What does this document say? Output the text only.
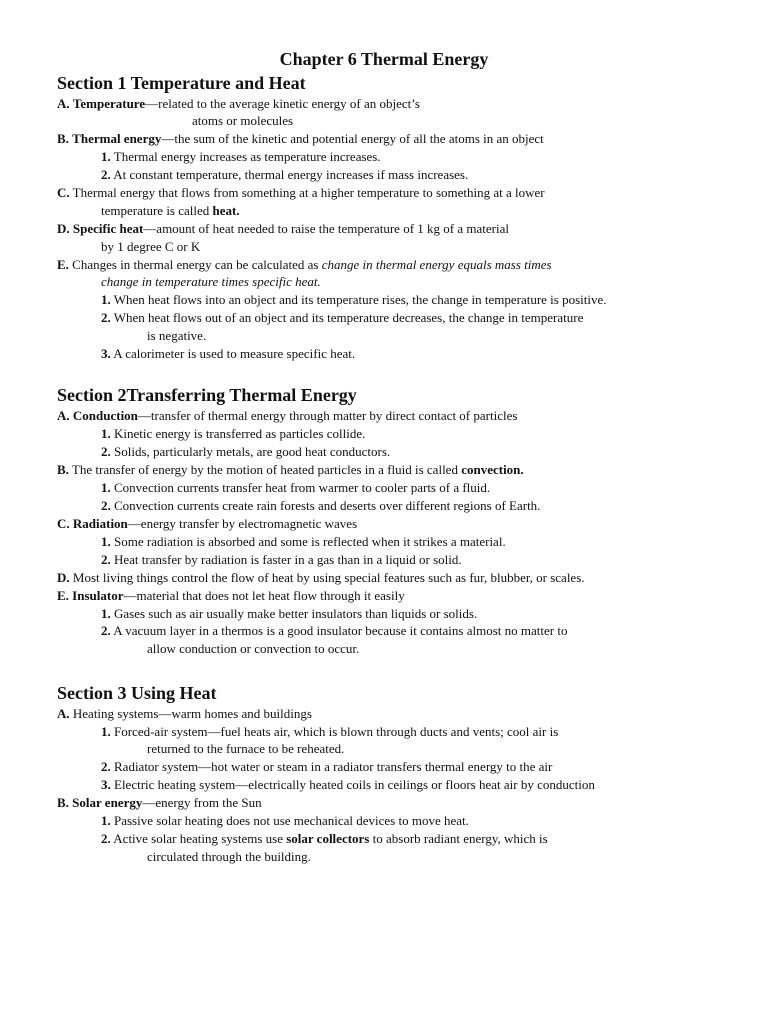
Chapter 6 Thermal Energy
Section 1 Temperature and Heat
A. Temperature—related to the average kinetic energy of an object’s
atoms or molecules
B. Thermal energy—the sum of the kinetic and potential energy of all the atoms in an object
1. Thermal energy increases as temperature increases.
2. At constant temperature, thermal energy increases if mass increases.
C. Thermal energy that flows from something at a higher temperature to something at a lower
temperature is called heat.
D. Specific heat—amount of heat needed to raise the temperature of 1 kg of a material
by 1 degree C or K
E. Changes in thermal energy can be calculated as change in thermal energy equals mass times
change in temperature times specific heat.
1. When heat flows into an object and its temperature rises, the change in temperature is positive.
2. When heat flows out of an object and its temperature decreases, the change in temperature
is negative.
3. A calorimeter is used to measure specific heat.
Section 2Transferring Thermal Energy
A. Conduction—transfer of thermal energy through matter by direct contact of particles
1. Kinetic energy is transferred as particles collide.
2. Solids, particularly metals, are good heat conductors.
B. The transfer of energy by the motion of heated particles in a fluid is called convection.
1. Convection currents transfer heat from warmer to cooler parts of a fluid.
2. Convection currents create rain forests and deserts over different regions of Earth.
C. Radiation—energy transfer by electromagnetic waves
1. Some radiation is absorbed and some is reflected when it strikes a material.
2. Heat transfer by radiation is faster in a gas than in a liquid or solid.
D. Most living things control the flow of heat by using special features such as fur, blubber, or scales.
E. Insulator—material that does not let heat flow through it easily
1. Gases such as air usually make better insulators than liquids or solids.
2. A vacuum layer in a thermos is a good insulator because it contains almost no matter to
allow conduction or convection to occur.
Section 3 Using Heat
A. Heating systems—warm homes and buildings
1. Forced-air system—fuel heats air, which is blown through ducts and vents; cool air is
returned to the furnace to be reheated.
2. Radiator system—hot water or steam in a radiator transfers thermal energy to the air
3. Electric heating system—electrically heated coils in ceilings or floors heat air by conduction
B. Solar energy—energy from the Sun
1. Passive solar heating does not use mechanical devices to move heat.
2. Active solar heating systems use solar collectors to absorb radiant energy, which is
circulated through the building.
